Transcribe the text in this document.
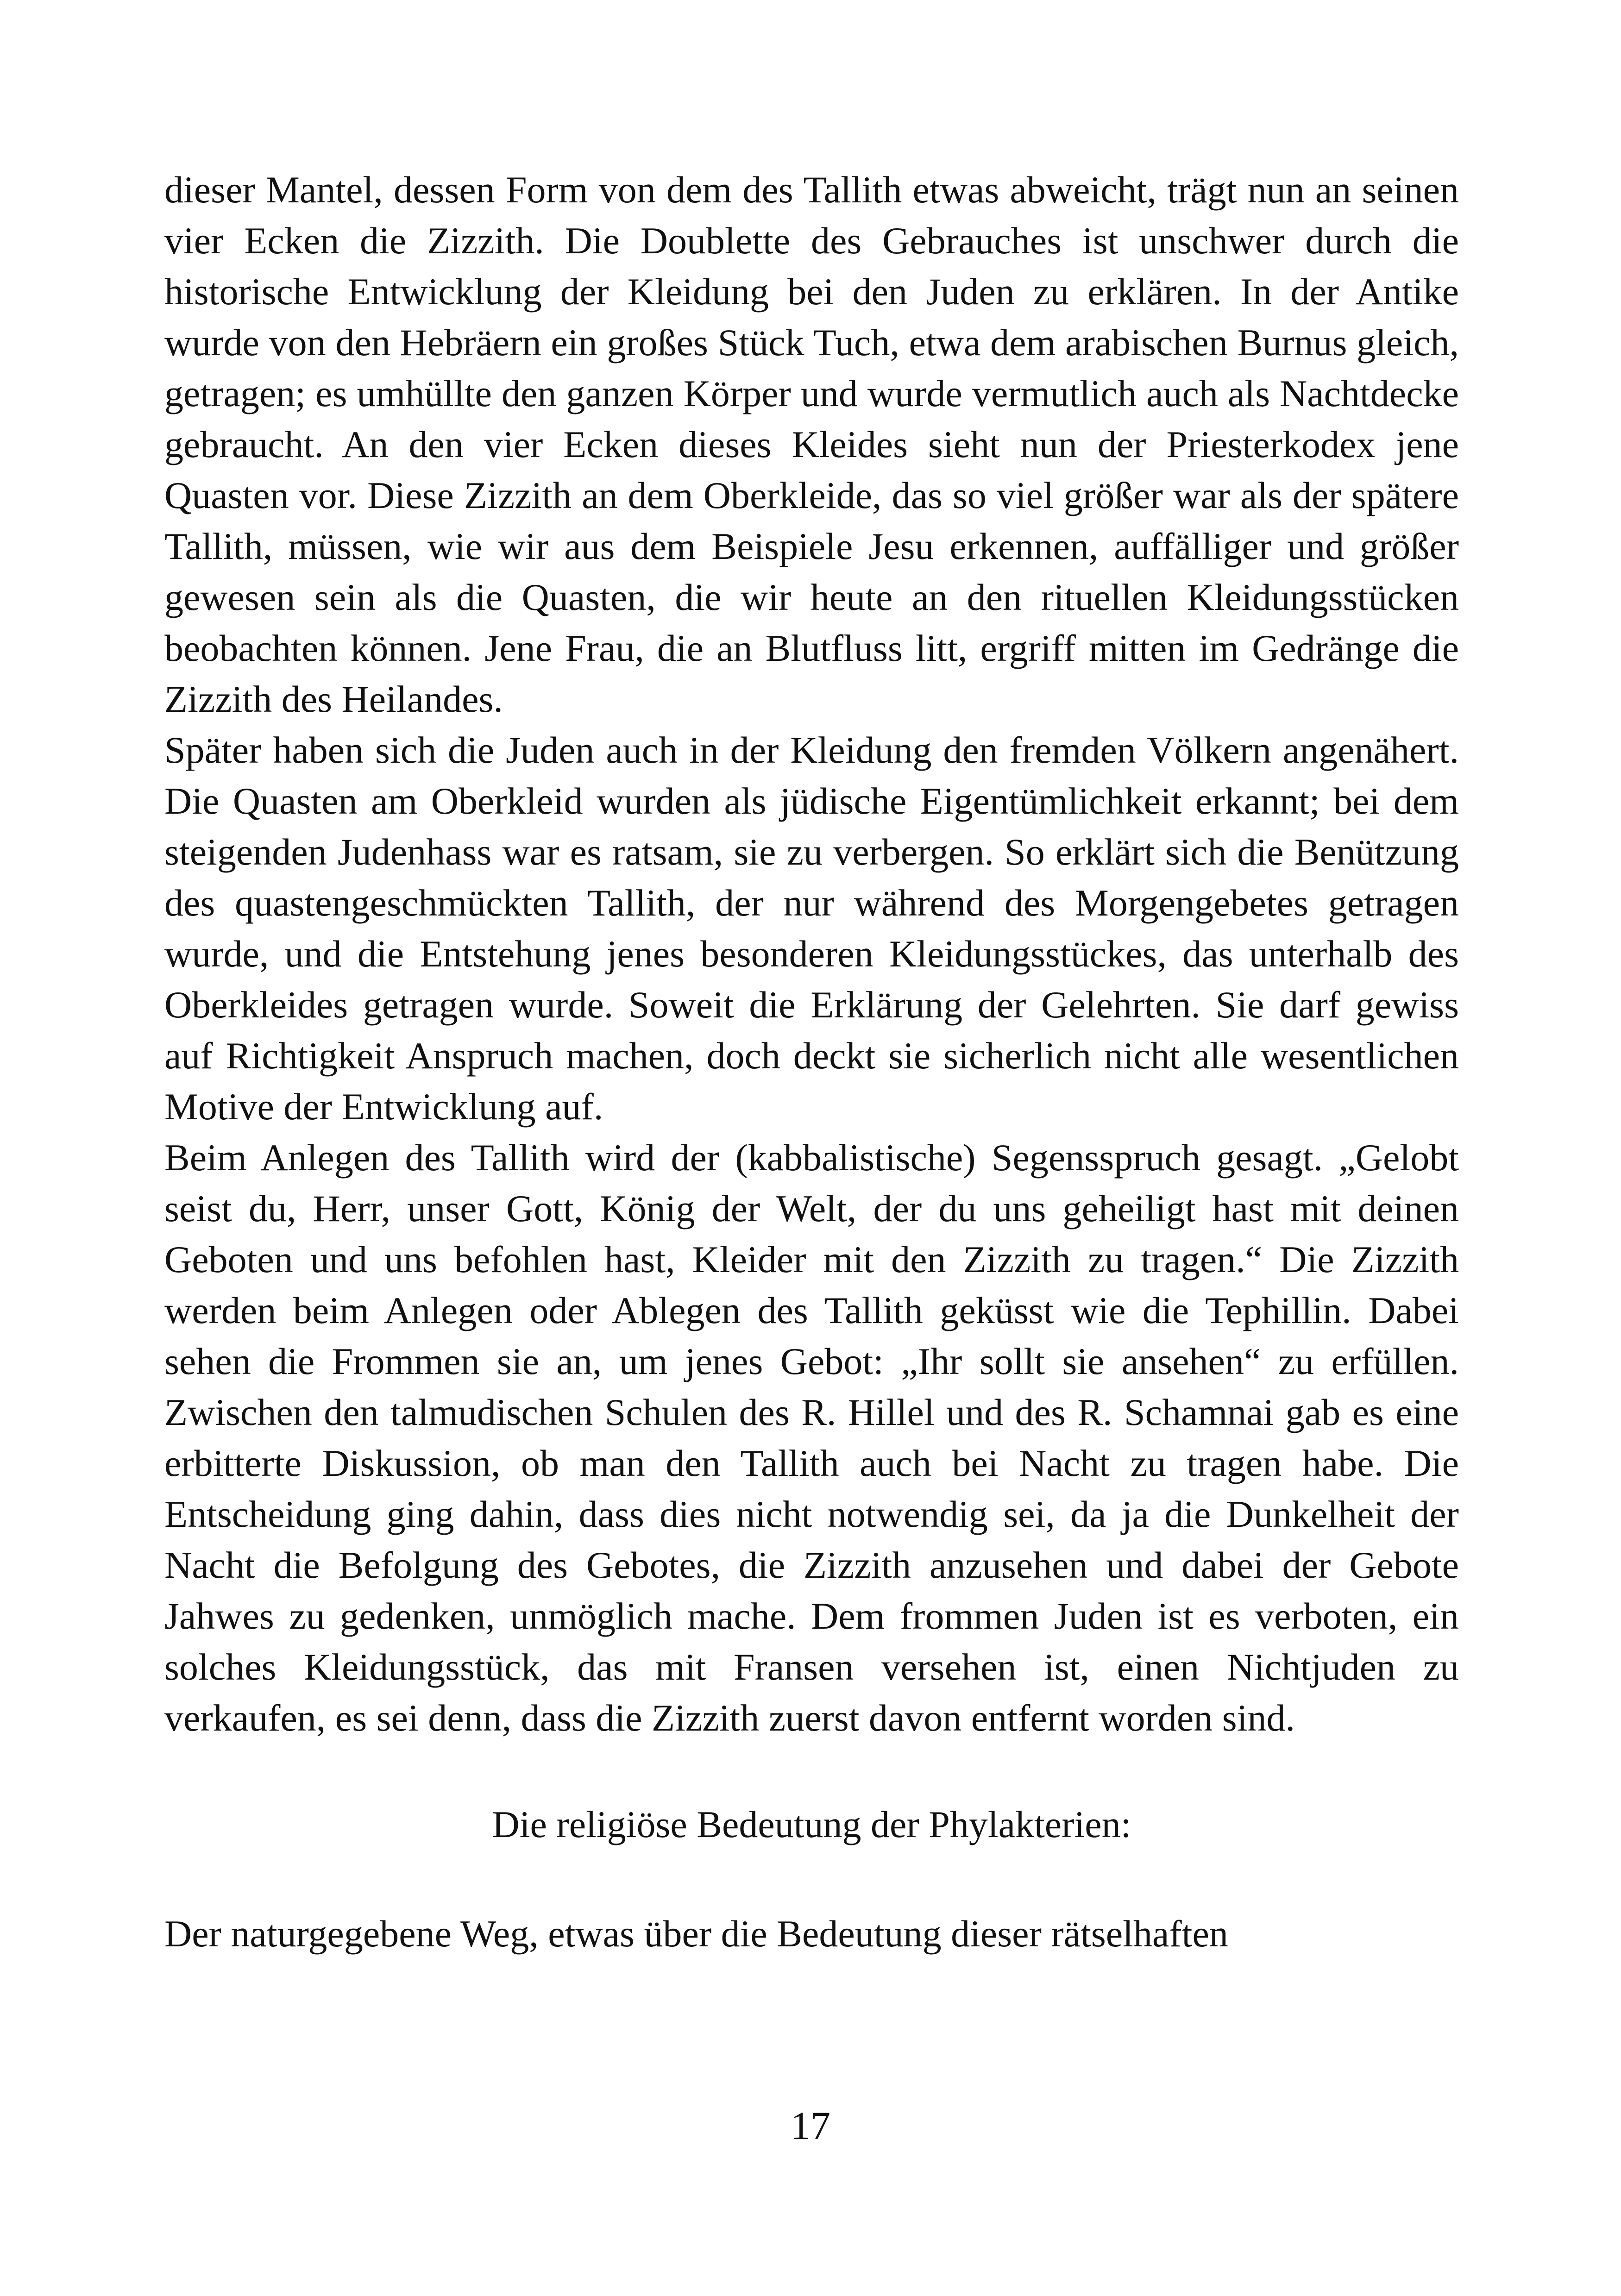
dieser Mantel, dessen Form von dem des Tallith etwas abweicht, trägt nun an seinen vier Ecken die Zizzith. Die Doublette des Gebrauches ist unschwer durch die historische Entwicklung der Kleidung bei den Juden zu erklären. In der Antike wurde von den Hebräern ein großes Stück Tuch, etwa dem arabischen Burnus gleich, getragen; es umhüllte den ganzen Körper und wurde vermutlich auch als Nachtdecke gebraucht. An den vier Ecken dieses Kleides sieht nun der Priesterkodex jene Quasten vor. Diese Zizzith an dem Oberkleide, das so viel größer war als der spätere Tallith, müssen, wie wir aus dem Beispiele Jesu erkennen, auffälliger und größer gewesen sein als die Quasten, die wir heute an den rituellen Kleidungsstücken beobachten können. Jene Frau, die an Blutfluss litt, ergriff mitten im Gedränge die Zizzith des Heilandes.

Später haben sich die Juden auch in der Kleidung den fremden Völkern angenähert. Die Quasten am Oberkleid wurden als jüdische Eigentümlichkeit erkannt; bei dem steigenden Judenhass war es ratsam, sie zu verbergen. So erklärt sich die Benützung des quastengeschmückten Tallith, der nur während des Morgengebetes getragen wurde, und die Entstehung jenes besonderen Kleidungsstückes, das unterhalb des Oberkleides getragen wurde. Soweit die Erklärung der Gelehrten. Sie darf gewiss auf Richtigkeit Anspruch machen, doch deckt sie sicherlich nicht alle wesentlichen Motive der Entwicklung auf.

Beim Anlegen des Tallith wird der (kabbalistische) Segensspruch gesagt. „Gelobt seist du, Herr, unser Gott, König der Welt, der du uns geheiligt hast mit deinen Geboten und uns befohlen hast, Kleider mit den Zizzith zu tragen.“ Die Zizzith werden beim Anlegen oder Ablegen des Tallith geküsst wie die Tephillin. Dabei sehen die Frommen sie an, um jenes Gebot: „Ihr sollt sie ansehen“ zu erfüllen. Zwischen den talmudischen Schulen des R. Hillel und des R. Schamnai gab es eine erbitterte Diskussion, ob man den Tallith auch bei Nacht zu tragen habe. Die Entscheidung ging dahin, dass dies nicht notwendig sei, da ja die Dunkelheit der Nacht die Befolgung des Gebotes, die Zizzith anzusehen und dabei der Gebote Jahwes zu gedenken, unmöglich mache. Dem frommen Juden ist es verboten, ein solches Kleidungsstück, das mit Fransen versehen ist, einen Nichtjuden zu verkaufen, es sei denn, dass die Zizzith zuerst davon entfernt worden sind.

Die religiöse Bedeutung der Phylakterien:

Der naturgegebene Weg, etwas über die Bedeutung dieser rätselhaften

17
